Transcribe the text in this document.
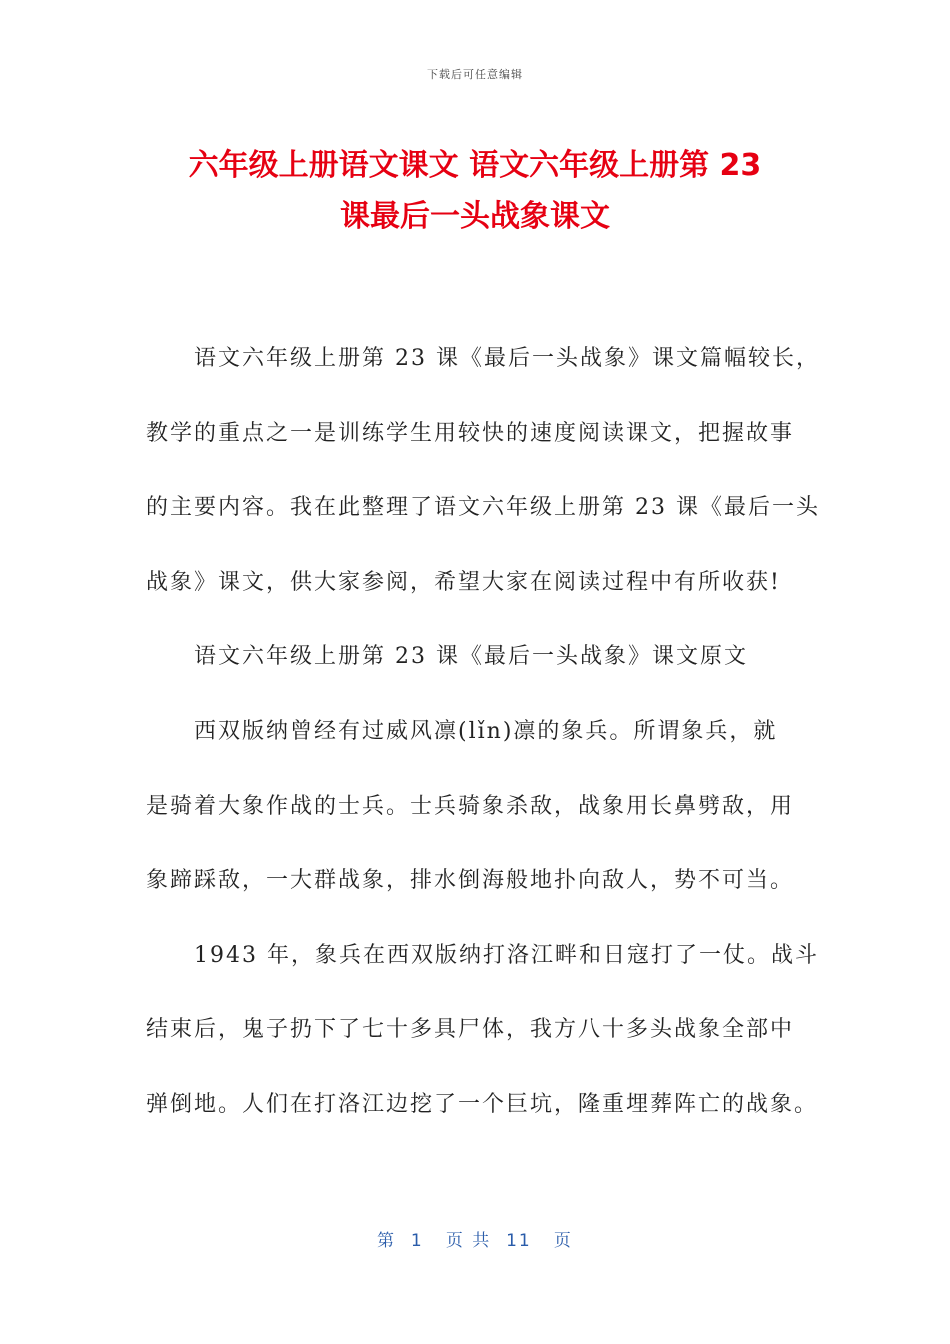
下载后可任意编辑
六年级上册语文课文 语文六年级上册第 23
课最后一头战象课文
语文六年级上册第 23 课《最后一头战象》课文篇幅较长，
教学的重点之一是训练学生用较快的速度阅读课文，把握故事
的主要内容。我在此整理了语文六年级上册第 23 课《最后一头
战象》课文，供大家参阅，希望大家在阅读过程中有所收获!
语文六年级上册第 23 课《最后一头战象》课文原文
西双版纳曾经有过威风凛(lǐn)凛的象兵。所谓象兵，就
是骑着大象作战的士兵。士兵骑象杀敌，战象用长鼻劈敌，用
象蹄踩敌，一大群战象，排水倒海般地扑向敌人，势不可当。
1943 年，象兵在西双版纳打洛江畔和日寇打了一仗。战斗
结束后，鬼子扔下了七十多具尸体，我方八十多头战象全部中
弹倒地。人们在打洛江边挖了一个巨坑，隆重埋葬阵亡的战象。
第  1   页 共  11   页
